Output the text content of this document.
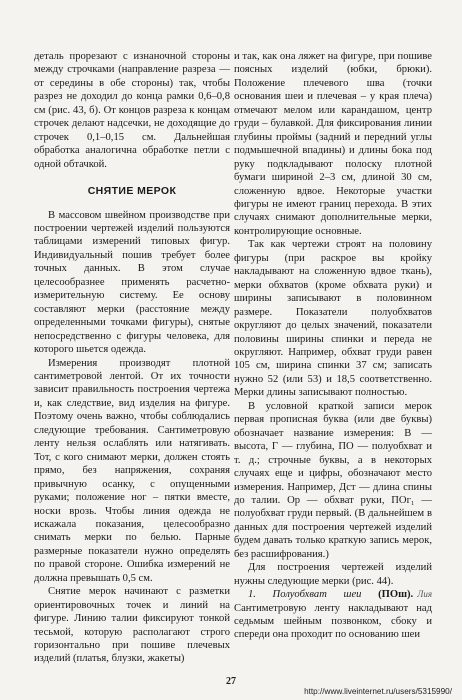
деталь прорезают с изнаночной стороны между строчками (направление разреза — от середины в обе стороны) так, чтобы разрез не доходил до конца рамки 0,6–0,8 см (рис. 43, б). От концов разреза к концам строчек делают надсечки, не доходящие до строчек 0,1–0,15 см. Дальнейшая обработка аналогична обработке петли с одной обтачкой.

СНЯТИЕ МЕРОК

В массовом швейном производстве при построении чертежей изделий пользуются таблицами измерений типовых фигур. Индивидуальный пошив требует более точных данных. В этом случае целесообразнее применять расчетно-измерительную систему. Ее основу составляют мерки (расстояние между определенными точками фигуры), снятые непосредственно с фигуры человека, для которого шьется одежда.

Измерения производят плотной сантиметровой лентой. От их точности зависит правильность построения чертежа и, как следствие, вид изделия на фигуре. Поэтому очень важно, чтобы соблюдались следующие требования. Сантиметровую ленту нельзя ослаблять или натягивать. Тот, с кого снимают мерки, должен стоять прямо, без напряжения, сохраняя привычную осанку, с опущенными руками; положение ног – пятки вместе, носки врозь. Чтобы линия одежда не искажала показания, целесообразно снимать мерки по белью. Парные размерные показатели нужно определять по правой стороне. Ошибка измерений не должна превышать 0,5 см.

Снятие мерок начинают с разметки ориентировочных точек и линий на фигуре. Линию талии фиксируют тонкой тесьмой, которую располагают строго горизонтально при пошиве плечевых изделий (платья, блузки, жакеты)

и так, как она ляжет на фигуре, при пошиве поясных изделий (юбки, брюки). Положение плечевого шва (точки основания шеи и плечевая – у края плеча) отмечают мелом или карандашом, центр груди – булавкой. Для фиксирования линии глубины проймы (задний и передний углы подмышечной впадины) и длины бока под руку подкладывают полоску плотной бумаги шириной 2–3 см, длиной 30 см, сложенную вдвое. Некоторые участки фигуры не имеют границ перехода. В этих случаях снимают дополнительные мерки, контролирующие основные.

Так как чертежи строят на половину фигуры (при раскрое вы кройку накладывают на сложенную вдвое ткань), мерки обхватов (кроме обхвата руки) и ширины записывают в половинном размере. Показатели полуобхватов округляют до целых значений, показатели половины ширины спинки и переда не округляют. Например, обхват груди равен 105 см, ширина спинки 37 см; записать нужно 52 (или 53) и 18,5 соответственно. Мерки длины записывают полностью.

В условной краткой записи мерок первая прописная буква (или две буквы) обозначает название измерения: В — высота, Г — глубина, ПО — полуобхват и т. д.; строчные буквы, а в некоторых случаях еще и цифры, обозначают место измерения. Например, Дст — длина спины до талии. Ор — обхват руки, ПОг₁ — полуобхват груди первый. (В дальнейшем в данных для построения чертежей изделий будем давать только краткую запись мерок, без расшифрования.)

Для построения чертежей изделий нужны следующие мерки (рис. 44).

1. Полуобхват шеи (ПОш). Лия Сантиметровую ленту накладывают над седьмым шейным позвонком, сбоку и спереди она проходит по основанию шеи

27
http://www.liveinternet.ru/users/5315990/
